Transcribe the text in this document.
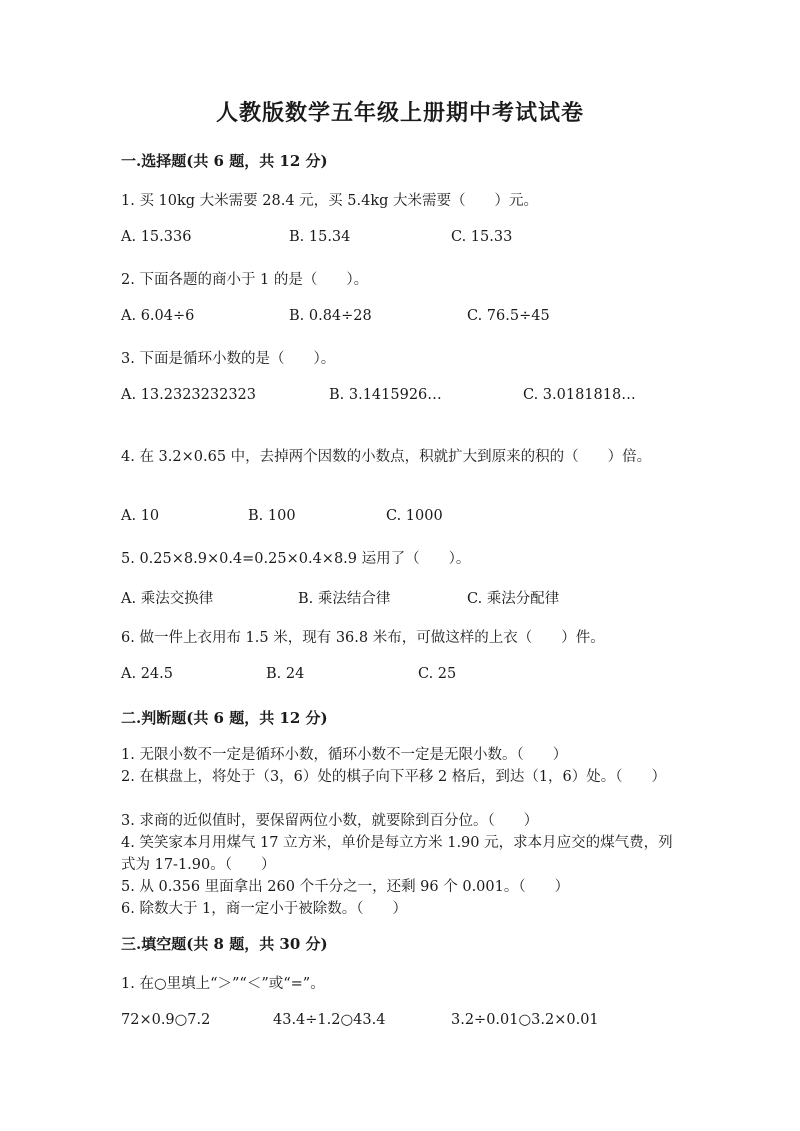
人教版数学五年级上册期中考试试卷
一.选择题(共 6 题，共 12 分)
1. 买 10kg 大米需要 28.4 元，买 5.4kg 大米需要（　　）元。
A. 15.336	B. 15.34	C. 15.33
2. 下面各题的商小于 1 的是（　　）。
A. 6.04÷6	B. 0.84÷28	C. 76.5÷45
3. 下面是循环小数的是（　　）。
A. 13.2323232323	B. 3.1415926…	C. 3.0181818…
4. 在 3.2×0.65 中，去掉两个因数的小数点，积就扩大到原来的积的（　　）倍。
A. 10	B. 100	C. 1000
5. 0.25×8.9×0.4=0.25×0.4×8.9 运用了（　　）。
A. 乘法交换律	B. 乘法结合律	C. 乘法分配律
6. 做一件上衣用布 1.5 米，现有 36.8 米布，可做这样的上衣（　　）件。
A. 24.5	B. 24	C. 25
二.判断题(共 6 题，共 12 分)
1. 无限小数不一定是循环小数，循环小数不一定是无限小数。（　　）
2. 在棋盘上，将处于（3，6）处的棋子向下平移 2 格后，到达（1，6）处。（　　）
3. 求商的近似值时，要保留两位小数，就要除到百分位。（　　）
4. 笑笑家本月用煤气 17 立方米，单价是每立方米 1.90 元，求本月应交的煤气费，列式为 17-1.90。（　　）
5. 从 0.356 里面拿出 260 个千分之一，还剩 96 个 0.001。（　　）
6. 除数大于 1，商一定小于被除数。（　　）
三.填空题(共 8 题，共 30 分)
1. 在○里填上“＞”“＜”或“=”。
72×0.9○7.2	43.4÷1.2○43.4	3.2÷0.01○3.2×0.01
